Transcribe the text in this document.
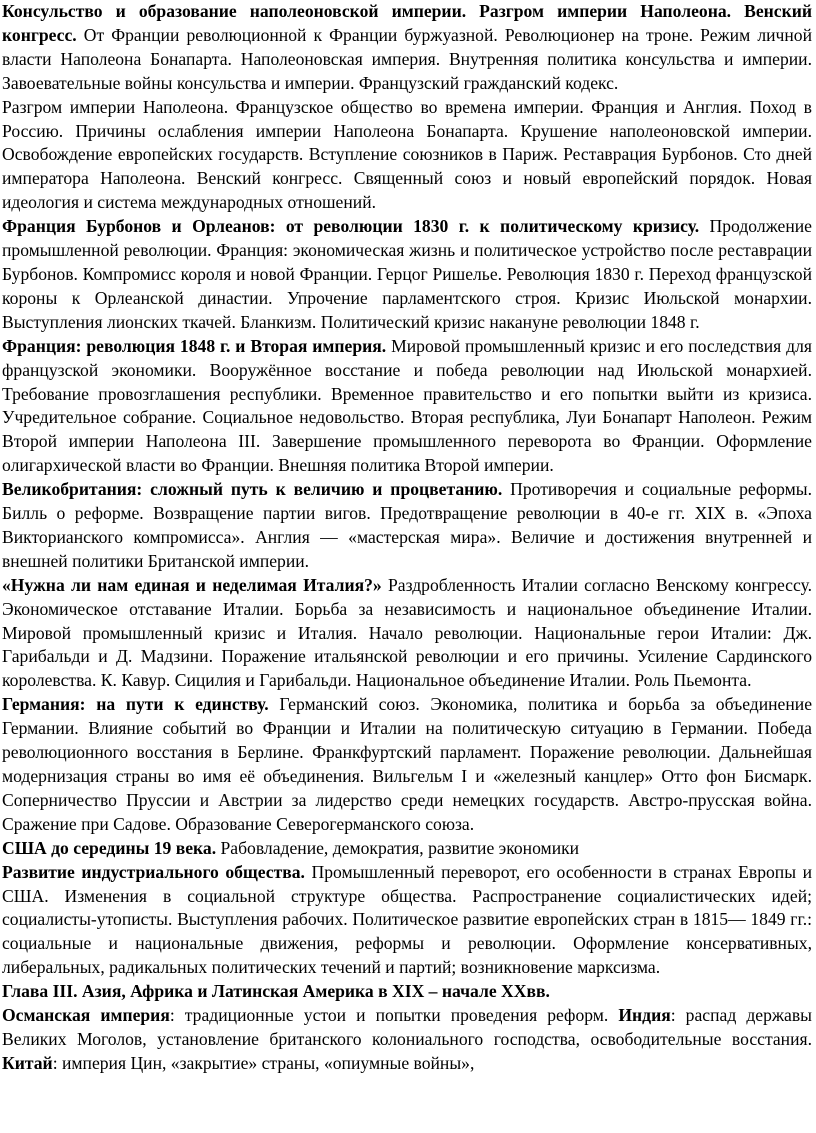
Консульство и образование наполеоновской империи. Разгром империи Наполеона. Венский конгресс. От Франции революционной к Франции буржуазной. Революционер на троне. Режим личной власти Наполеона Бонапарта. Наполеоновская империя. Внутренняя политика консульства и империи. Завоевательные войны консульства и империи. Французский гражданский кодекс.

Разгром империи Наполеона. Французское общество во времена империи. Франция и Англия. Поход в Россию. Причины ослабления империи Наполеона Бонапарта. Крушение наполеоновской империи. Освобождение европейских государств. Вступление союзников в Париж. Реставрация Бурбонов. Сто дней императора Наполеона. Венский конгресс. Священный союз и новый европейский порядок. Новая идеология и система международных отношений.

Франция Бурбонов и Орлеанов: от революции 1830 г. к политическому кризису. Продолжение промышленной революции. Франция: экономическая жизнь и политическое устройство после реставрации Бурбонов. Компромисс короля и новой Франции. Герцог Ришелье. Революция 1830 г. Переход французской короны к Орлеанской династии. Упрочение парламентского строя. Кризис Июльской монархии. Выступления лионских ткачей. Бланкизм. Политический кризис накануне революции 1848 г.

Франция: революция 1848 г. и Вторая империя. Мировой промышленный кризис и его последствия для французской экономики. Вооружённое восстание и победа революции над Июльской монархией. Требование провозглашения республики. Временное правительство и его попытки выйти из кризиса. Учредительное собрание. Социальное недовольство. Вторая республика, Луи Бонапарт Наполеон. Режим Второй империи Наполеона III. Завершение промышленного переворота во Франции. Оформление олигархической власти во Франции. Внешняя политика Второй империи.

Великобритания: сложный путь к величию и процветанию. Противоречия и социальные реформы. Билль о реформе. Возвращение партии вигов. Предотвращение революции в 40-е гг. XIX в. «Эпоха Викторианского компромисса». Англия — «мастерская мира». Величие и достижения внутренней и внешней политики Британской империи.

«Нужна ли нам единая и неделимая Италия?» Раздробленность Италии согласно Венскому конгрессу. Экономическое отставание Италии. Борьба за независимость и национальное объединение Италии. Мировой промышленный кризис и Италия. Начало революции. Национальные герои Италии: Дж. Гарибальди и Д. Мадзини. Поражение итальянской революции и его причины. Усиление Сардинского королевства. К. Кавур. Сицилия и Гарибальди. Национальное объединение Италии. Роль Пьемонта.

Германия: на пути к единству. Германский союз. Экономика, политика и борьба за объединение Германии. Влияние событий во Франции и Италии на политическую ситуацию в Германии. Победа революционного восстания в Берлине. Франкфуртский парламент. Поражение революции. Дальнейшая модернизация страны во имя её объединения. Вильгельм I и «железный канцлер» Отто фон Бисмарк. Соперничество Пруссии и Австрии за лидерство среди немецких государств. Австро-прусская война. Сражение при Садове. Образование Северогерманского союза.

США до середины 19 века. Рабовладение, демократия, развитие экономики

Развитие индустриального общества. Промышленный переворот, его особенности в странах Европы и США. Изменения в социальной структуре общества. Распространение социалистических идей; социалисты-утописты. Выступления рабочих. Политическое развитие европейских стран в 1815— 1849 гг.: социальные и национальные движения, реформы и революции. Оформление консервативных, либеральных, радикальных политических течений и партий; возникновение марксизма.

Глава III. Азия, Африка и Латинская Америка в XIX – начале XXвв.

Османская империя: традиционные устои и попытки проведения реформ. Индия: распад державы Великих Моголов, установление британского колониального господства, освободительные восстания. Китай: империя Цин, «закрытие» страны, «опиумные войны»,
